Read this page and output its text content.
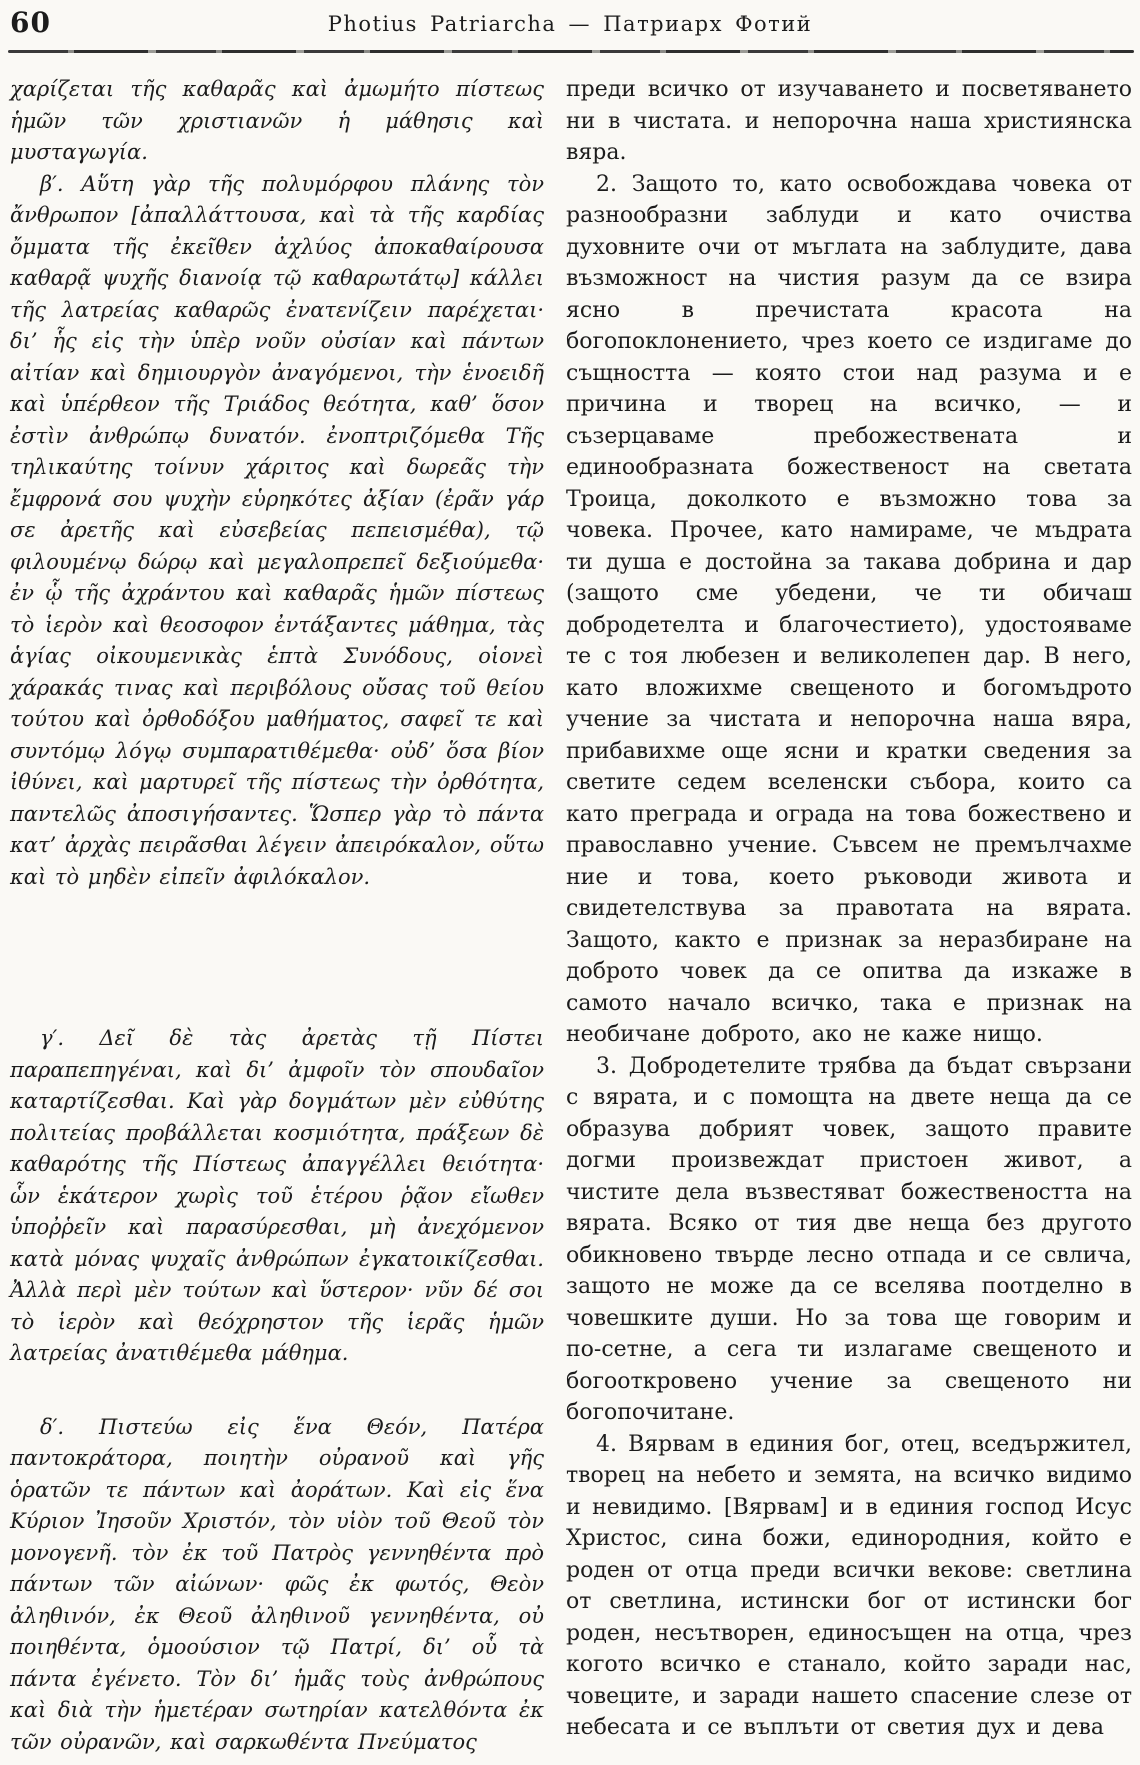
60	Photius Patriarcha — Патриарх Фотий

χαρίζεται τῆς καθαρᾶς καὶ ἀμωμήτο πίστεως ἡμῶν τῶν χριστιανῶν ἡ μάθησις καὶ μυσταγωγία.

β′. Αὕτη γὰρ τῆς πολυμόρφου πλάνης τὸν ἄνθρωπον [ἀπαλλάττουσα, καὶ τὰ τῆς καρδίας ὄμματα τῆς ἐκεῖθεν ἀχλύος ἀποκαθαίρουσα καθαρᾷ ψυχῆς διανοίᾳ τῷ καθαρωτάτῳ] κάλλει τῆς λατρείας καθαρῶς ἐνατενίζειν παρέχεται· δι’ ἧς εἰς τὴν ὑπὲρ νοῦν οὐσίαν καὶ πάντων αἰτίαν καὶ δημιουργὸν ἀναγόμενοι, τὴν ἑνοειδῆ καὶ ὑπέρθεον τῆς Τριάδος θεότητα, καθ’ ὅσον ἐστὶν ἀνθρώπῳ δυνατόν. ἐνοπτριζόμεθα Τῆς τηλικαύτης τοίνυν χάριτος καὶ δωρεᾶς τὴν ἔμφρονά σου ψυχὴν εὑρηκότες ἀξίαν (ἐρᾶν γάρ σε ἀρετῆς καὶ εὐσεβείας πεπεισμέθα), τῷ φιλουμένῳ δώρῳ καὶ μεγαλοπρεπεῖ δεξιούμεθα· ἐν ᾧ τῆς ἀχράντου καὶ καθαρᾶς ἡμῶν πίστεως τὸ ἱερὸν καὶ θεοσοφον ἐντάξαντες μάθημα, τὰς ἁγίας οἰκουμενικὰς ἑπτὰ Συνόδους, οἱονεὶ χάρακάς τινας καὶ περιβόλους οὔσας τοῦ θείου τούτου καὶ ὀρθοδόξου μαθήματος, σαφεῖ τε καὶ συντόμῳ λόγῳ συμπαρατιθέμεθα· οὐδ’ ὅσα βίον ἰθύνει, καὶ μαρτυρεῖ τῆς πίστεως τὴν ὀρθότητα, παντελῶς ἀποσιγήσαντες. Ὥσπερ γὰρ τὸ πάντα κατ’ ἀρχὰς πειρᾶσθαι λέγειν ἀπειρόκαλον, οὕτω καὶ τὸ μηδὲν εἰπεῖν ἀφιλόκαλον.

γ′. Δεῖ δὲ τὰς ἀρετὰς τῇ Πίστει παραπεπηγέναι, καὶ δι’ ἀμφοῖν τὸν σπουδαῖον καταρτίζεσθαι. Καὶ γὰρ δογμάτων μὲν εὐθύτης πολιτείας προβάλλεται κοσμιότητα, πράξεων δὲ καθαρότης τῆς Πίστεως ἀπαγγέλλει θειότητα· ὧν ἑκάτερον χωρὶς τοῦ ἑτέρου ῥᾷον εἴωθεν ὑποῤῥεῖν καὶ παρασύρεσθαι, μὴ ἀνεχόμενον κατὰ μόνας ψυχαῖς ἀνθρώπων ἐγκατοικίζεσθαι. Ἀλλὰ περὶ μὲν τούτων καὶ ὕστερον· νῦν δέ σοι τὸ ἱερὸν καὶ θεόχρηστον τῆς ἱερᾶς ἡμῶν λατρείας ἀνατιθέμεθα μάθημα.

δ′. Πιστεύω εἰς ἕνα Θεόν, Πατέρα παντοκράτορα, ποιητὴν οὐρανοῦ καὶ γῆς ὁρατῶν τε πάντων καὶ ἀοράτων. Καὶ εἰς ἕνα Κύριον Ἰησοῦν Χριστόν, τὸν υἱὸν τοῦ Θεοῦ τὸν μονογενῆ. τὸν ἐκ τοῦ Πατρὸς γεννηθέντα πρὸ πάντων τῶν αἰώνων· φῶς ἐκ φωτός, Θεὸν ἀληθινόν, ἐκ Θεοῦ ἀληθινοῦ γεννηθέντα, οὐ ποιηθέντα, ὁμοούσιον τῷ Πατρί, δι’ οὗ τὰ πάντα ἐγένετο. Τὸν δι’ ἡμᾶς τοὺς ἀνθρώπους καὶ διὰ τὴν ἡμετέραν σωτηρίαν κατελθόντα ἐκ τῶν οὐρανῶν, καὶ σαρκωθέντα Πνεύματος

преди всичко от изучаването и посветяването ни в чистата. и непорочна наша християнска вяра.

2. Защото то, като освобождава човека от разнообразни заблуди и като очиства духовните очи от мъглата на заблудите, дава възможност на чистия разум да се взира ясно в пречистата красота на богопоклонението, чрез което се издигаме до същността — която стои над разума и е причина и творец на всичко, — и съзерцаваме пребожествената и единообразната божественост на светата Троица, доколкото е възможно това за човека. Прочее, като намираме, че мъдрата ти душа е достойна за такава добрина и дар (защото сме убедени, че ти обичаш добродетелта и благочестието), удостояваме те с тоя любезен и великолепен дар. В него, като вложихме свещеното и богомъдрото учение за чистата и непорочна наша вяра, прибавихме още ясни и кратки сведения за светите седем вселенски събора, които са като преграда и ограда на това божествено и православно учение. Съвсем не премълчахме ние и това, което ръководи живота и свидетелствува за правотата на вярата. Защото, както е признак за неразбиране на доброто човек да се опитва да изкаже в самото начало всичко, така е признак на необичане доброто, ако не каже нищо.

3. Добродетелите трябва да бъдат свързани с вярата, и с помощта на двете неща да се образува добрият човек, защото правите догми произвеждат пристоен живот, а чистите дела възвестяват божествеността на вярата. Всяко от тия две неща без другото обикновено твърде лесно отпада и се свлича, защото не може да се вселява поотделно в човешките души. Но за това ще говорим и по-сетне, а сега ти излагаме свещеното и богооткровено учение за свещеното ни богопочитане.

4. Вярвам в единия бог, отец, вседържител, творец на небето и земята, на всичко видимо и невидимо. [Вярвам] и в единия господ Исус Христос, сина божи, единородния, който е роден от отца преди всички векове: светлина от светлина, истински бог от истински бог роден, несътворен, единосъщен на отца, чрез когото всичко е станало, който заради нас, човеците, и заради нашето спасение слезе от небесата и се въплъти от светия дух и дева
